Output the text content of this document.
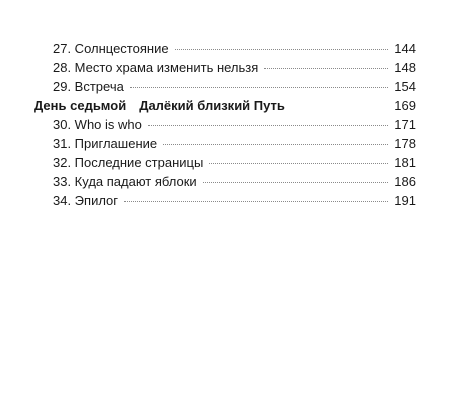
27. Солнцестояние	144
28. Место храма изменить нельзя	148
29. Встреча	154
День седьмой Далёкий близкий Путь	169
30. Who is who	171
31. Приглашение	178
32. Последние страницы	181
33. Куда падают яблоки	186
34. Эпилог	191
